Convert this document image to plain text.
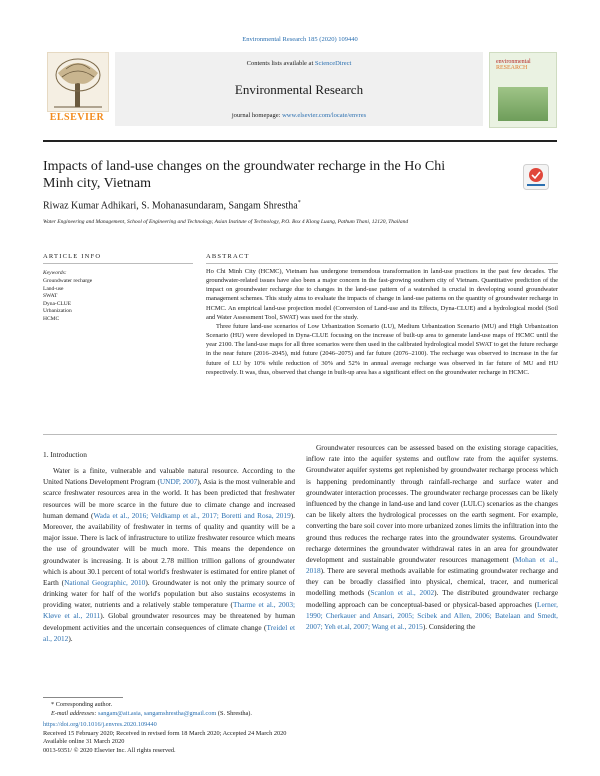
Environmental Research 185 (2020) 109440
ELSEVIER
Contents lists available at ScienceDirect
Environmental Research
journal homepage: www.elsevier.com/locate/envres
environmental
RESEARCH
Impacts of land-use changes on the groundwater recharge in the Ho Chi Minh city, Vietnam
Riwaz Kumar Adhikari, S. Mohanasundaram, Sangam Shrestha*
Water Engineering and Management, School of Engineering and Technology, Asian Institute of Technology, P.O. Box 4 Klong Luang, Pathum Thani, 12120, Thailand
ARTICLE INFO	ABSTRACT
Keywords:
Groundwater recharge
Land-use
SWAT
Dyna-CLUE
Urbanization
HCMC

Ho Chi Minh City (HCMC), Vietnam has undergone tremendous transformation in land-use practices in the past few decades. The groundwater-related issues have also been a major concern in the fast-growing southern city of Vietnam. Quantitative prediction of the impact on groundwater recharge due to changes in the land-use pattern of a watershed is crucial in developing sound groundwater management schemes. This study aims to evaluate the impacts of change in land-use patterns on the quantity of groundwater recharge in HCMC. An empirical land-use projection model (Conversion of Land-use and its Effects, Dyna-CLUE) and a hydrological model (Soil and Water Assessment Tool, SWAT) was used for the study.

Three future land-use scenarios of Low Urbanization Scenario (LU), Medium Urbanization Scenario (MU) and High Urbanization Scenario (HU) were developed in Dyna-CLUE focusing on the increase of built-up area to generate land-use maps of HCMC until the year 2100. The land-use maps for all three scenarios were then used in the calibrated hydrological model SWAT to get the future recharge in the near future (2016–2045), mid future (2046–2075) and far future (2076–2100). The recharge was observed to increase in the far future of LU by 10% while reduction of 30% and 52% in annual average recharge was observed in far future of MU and HU respectively. It was, thus, observed that change in built-up area has a significant effect on the groundwater recharge in HCMC.

1. Introduction

Water is a finite, vulnerable and valuable natural resource. According to the United Nations Development Program (UNDP, 2007), Asia is the most vulnerable and scarce freshwater resources area in the world. It has been predicted that freshwater resources will be more scarce in the future due to climate change and increased human demand (Wada et al., 2016; Veldkamp et al., 2017; Boretti and Rosa, 2019). Moreover, the availability of freshwater in terms of quality and quantity will be a major issue. There is lack of infrastructure to utilize freshwater resource which means the use of groundwater will be much more. This means the dependence on groundwater is increasing. It is about 2.78 million trillion gallons of groundwater which is about 30.1 percent of total world's freshwater is estimated for entire planet of Earth (National Geographic, 2010). Groundwater is not only the primary source of drinking water for half of the world's population but also sustains ecosystems in providing water, nutrients and a relatively stable temperature (Tharme et al., 2003; Kløve et al., 2011). Global groundwater resources may be threatened by human development activities and the uncertain consequences of climate change (Treidel et al., 2012).

Groundwater resources can be assessed based on the existing storage capacities, inflow rate into the aquifer systems and outflow rate from the aquifer systems. Groundwater aquifer systems get replenished by groundwater recharge process which is happening predominantly through rainfall-recharge and surface water and groundwater interaction processes. The groundwater recharge processes can be likely influenced by the change in land-use and land cover (LULC) scenarios as the changes can be likely alters the hydrological processes on the earth segment. For example, converting the bare soil cover into more urbanized zones limits the infiltration into the ground thus reduces the recharge rates into the groundwater systems. Groundwater recharge determines the groundwater withdrawal rates in an area for groundwater development and sustainable groundwater resources management (Mohan et al., 2018). There are several methods available for estimating groundwater recharge and they can be broadly classified into physical, chemical, tracer, and numerical modelling methods (Scanlon et al., 2002). The distributed groundwater recharge modelling approach can be conceptual-based or physical-based approaches (Lerner, 1990; Cherkauer and Ansari, 2005; Scibek and Allen, 2006; Batelaan and Smedt, 2007; Yeh et.al, 2007; Wang et al., 2015). Considering the

* Corresponding author.
E-mail addresses: sangam@ait.asia, sangamshrestha@gmail.com (S. Shrestha).
https://doi.org/10.1016/j.envres.2020.109440
Received 15 February 2020; Received in revised form 18 March 2020; Accepted 24 March 2020
Available online 31 March 2020
0013-9351/ © 2020 Elsevier Inc. All rights reserved.
